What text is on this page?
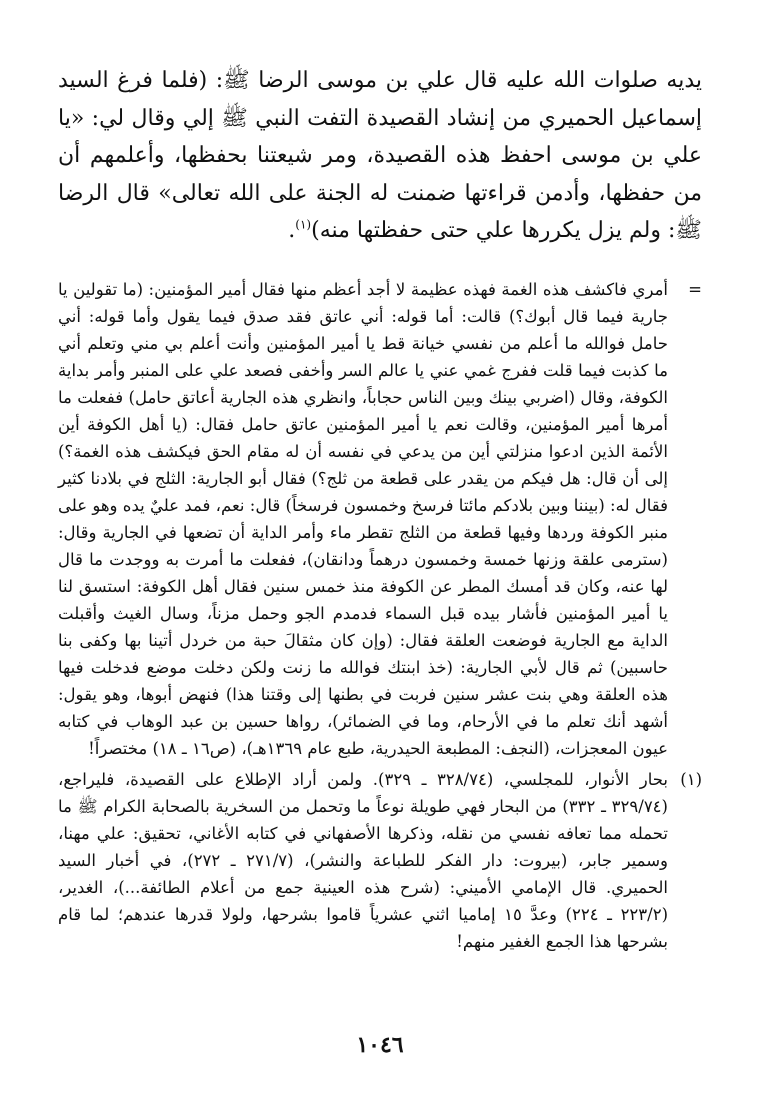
يديه صلوات الله عليه قال علي بن موسى الرضا ﷺ: (فلما فرغ السيد إسماعيل الحميري من إنشاد القصيدة التفت النبي ﷺ إلي وقال لي: «يا علي بن موسى احفظ هذه القصيدة، ومر شيعتنا بحفظها، وأعلمهم أن من حفظها، وأدمن قراءتها ضمنت له الجنة على الله تعالى» قال الرضا ﷺ: ولم يزل يكررها علي حتى حفظتها منه)$^{(١)}$.

=

أمري فاكشف هذه الغمة فهذه عظيمة لا أجد أعظم منها فقال أمير المؤمنين: (ما تقولين يا جارية فيما قال أبوك؟) قالت: أما قوله: أني عاتق فقد صدق فيما يقول وأما قوله: أني حامل فوالله ما أعلم من نفسي خيانة قط يا أمير المؤمنين وأنت أعلم بي مني وتعلم أني ما كذبت فيما قلت ففرج غمي عني يا عالم السر وأخفى فصعد علي على المنبر وأمر بداية الكوفة، وقال (اضربي بينك وبين الناس حجاباً، وانظري هذه الجارية أعاتق حامل) ففعلت ما أمرها أمير المؤمنين، وقالت نعم يا أمير المؤمنين عاتق حامل فقال: (يا أهل الكوفة أين الأئمة الذين ادعوا منزلتي أين من يدعي في نفسه أن له مقام الحق فيكشف هذه الغمة؟) إلى أن قال: هل فيكم من يقدر على قطعة من ثلج؟) فقال أبو الجارية: الثلج في بلادنا كثير فقال له: (بيننا وبين بلادكم مائتا فرسخ وخمسون فرسخاً) قال: نعم، فمد عليٌ يده وهو على منبر الكوفة وردها وفيها قطعة من الثلج تقطر ماء وأمر الداية أن تضعها في الجارية وقال: (سترمى علقة وزنها خمسة وخمسون درهماً ودانقان)، ففعلت ما أمرت به ووجدت ما قال لها عنه، وكان قد أمسك المطر عن الكوفة منذ خمس سنين فقال أهل الكوفة: استسق لنا يا أمير المؤمنين فأشار بيده قبل السماء فدمدم الجو وحمل مزناً، وسال الغيث وأقبلت الداية مع الجارية فوضعت العلقة فقال: (وإن كان مثقالَ حبة من خردل أتينا بها وكفى بنا حاسبين) ثم قال لأبي الجارية: (خذ ابنتك فوالله ما زنت ولكن دخلت موضع فدخلت فيها هذه العلقة وهي بنت عشر سنين فربت في بطنها إلى وقتنا هذا) فنهض أبوها، وهو يقول: أشهد أنك تعلم ما في الأرحام، وما في الضمائر)، رواها حسين بن عبد الوهاب في كتابه عيون المعجزات، (النجف: المطبعة الحيدرية، طبع عام ١٣٦٩هـ)، (ص١٦ ـ ١٨) مختصراً!

(١)

بحار الأنوار، للمجلسي، (٣٢٨/٧٤ ـ ٣٢٩). ولمن أراد الإطلاع على القصيدة، فليراجع، (٣٢٩/٧٤ ـ ٣٣٢) من البحار فهي طويلة نوعاً ما وتحمل من السخرية بالصحابة الكرام ﷺ ما تحمله مما تعافه نفسي من نقله، وذكرها الأصفهاني في كتابه الأغاني، تحقيق: علي مهنا، وسمير جابر، (بيروت: دار الفكر للطباعة والنشر)، (٢٧١/٧ ـ ٢٧٢)، في أخبار السيد الحميري. قال الإمامي الأميني: (شرح هذه العينية جمع من أعلام الطائفة...)، الغدير، (٢٢٣/٢ ـ ٢٢٤) وعدَّ ١٥ إماميا اثني عشرياً قاموا بشرحها، ولولا قدرها عندهم؛ لما قام بشرحها هذا الجمع الغفير منهم!

١٠٤٦
